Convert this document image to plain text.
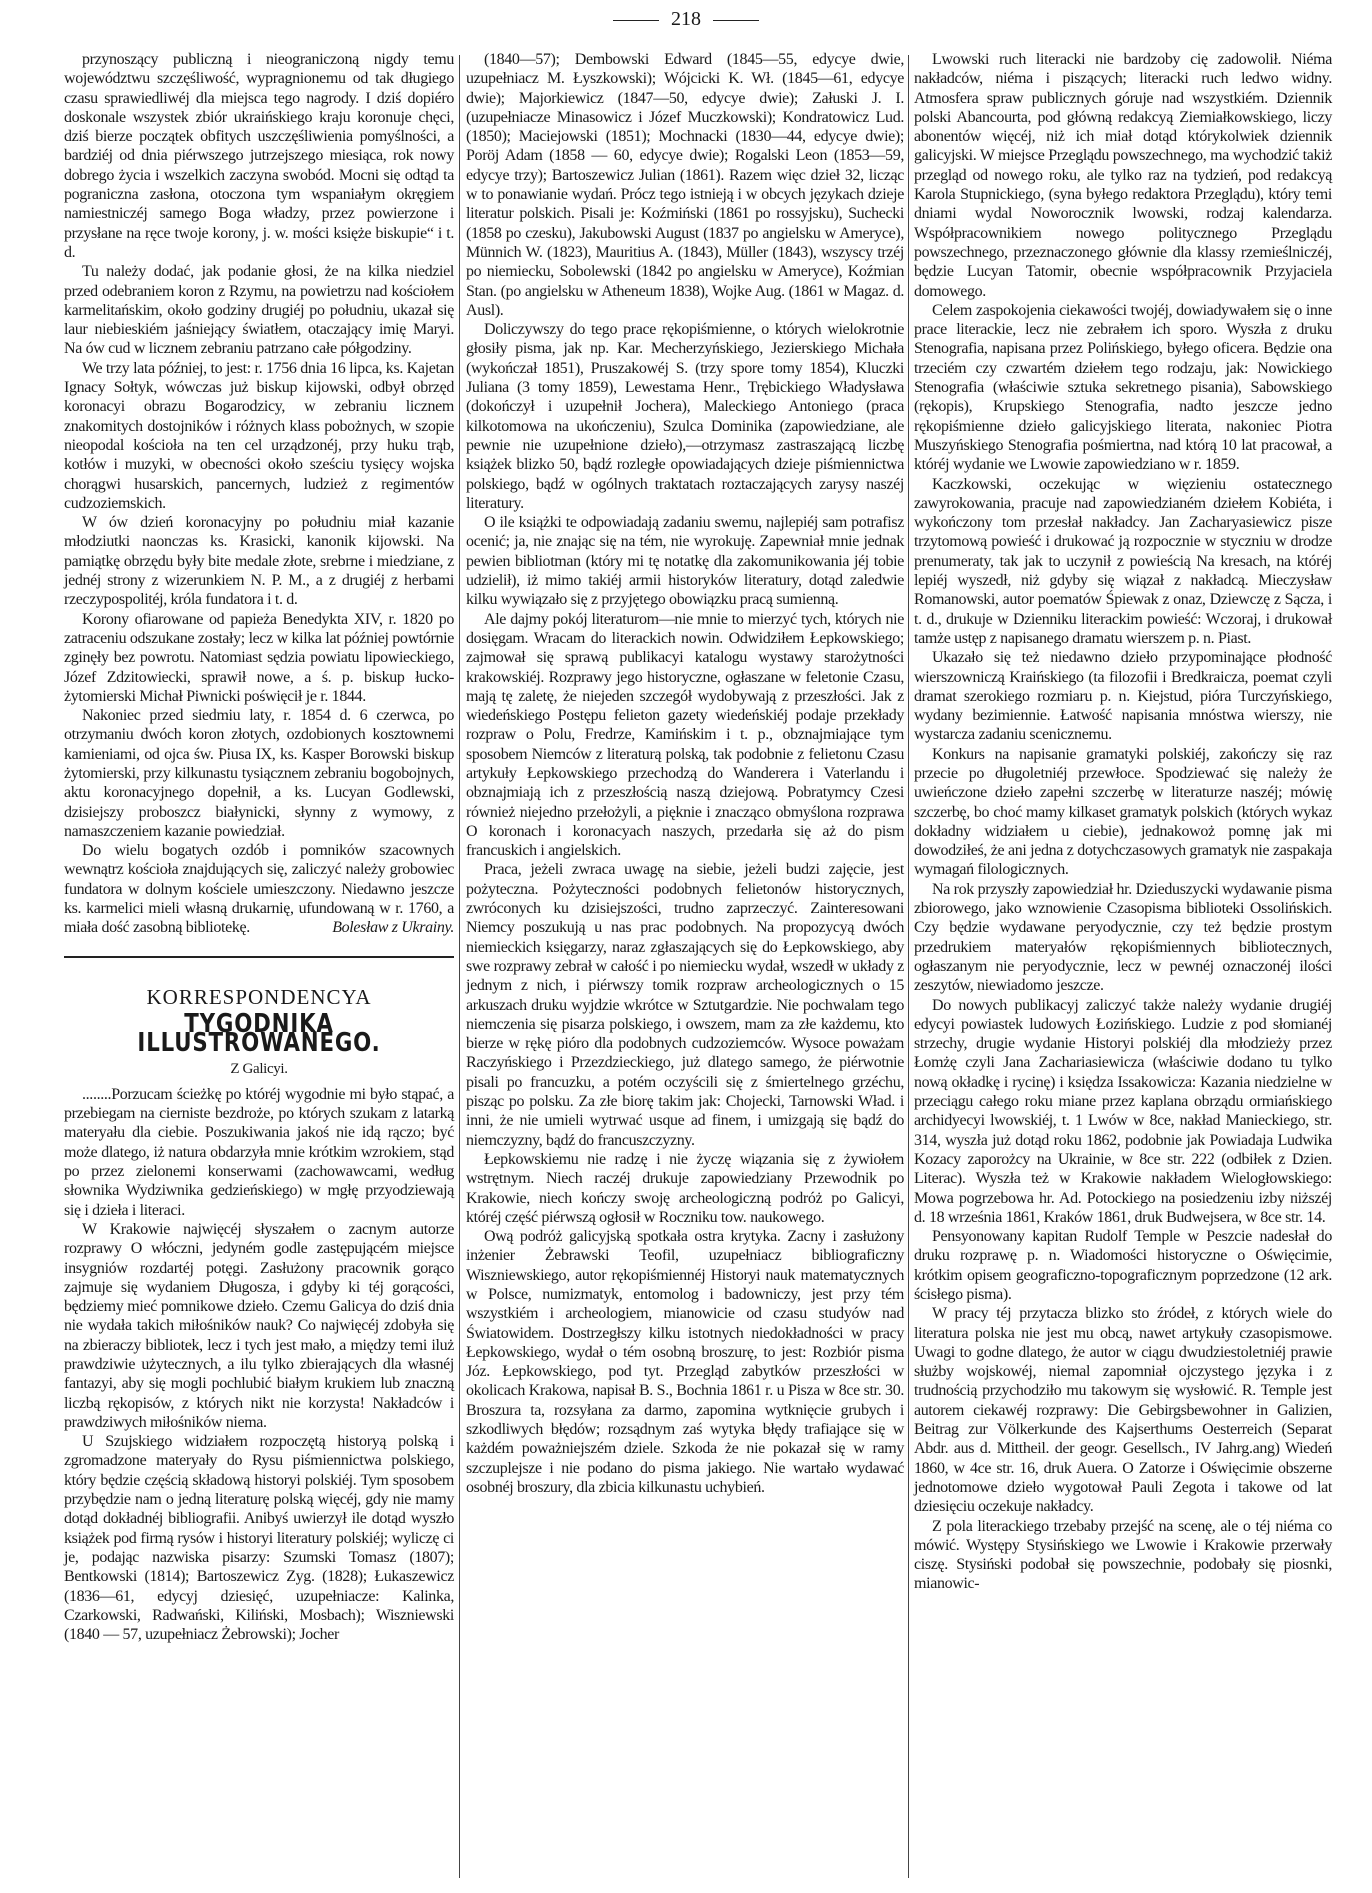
218

przynoszący publiczną i nieograniczoną nigdy temu województwu szczęśliwość, wypragnionemu od tak długiego czasu sprawiedliwéj dla miejsca tego nagrody. I dziś dopiéro doskonale wszystek zbiór ukraińskiego kraju koronuje chęci, dziś bierze początek obfitych uszczęśliwienia pomyślności, a bardziéj od dnia piérwszego jutrzejszego miesiąca, rok nowy dobrego życia i wszelkich zaczyna swobód. Mocni się odtąd ta pograniczna zasłona, otoczona tym wspaniałym okręgiem namiestniczéj samego Boga władzy, przez powierzone i przysłane na ręce twoje korony, j. w. mości księże biskupie“ i t. d.

Tu należy dodać, jak podanie głosi, że na kilka niedziel przed odebraniem koron z Rzymu, na powietrzu nad kościołem karmelitańskim, około godziny drugiéj po południu, ukazał się laur niebieskiém jaśniejący światłem, otaczający imię Maryi. Na ów cud w licznem zebraniu patrzano całe półgodziny.

We trzy lata później, to jest: r. 1756 dnia 16 lipca, ks. Kajetan Ignacy Sołtyk, wówczas już biskup kijowski, odbył obrzęd koronacyi obrazu Bogarodzicy, w zebraniu licznem znakomitych dostojników i różnych klass pobożnych, w szopie nieopodal kościoła na ten cel urządzonéj, przy huku trąb, kotłów i muzyki, w obecności około sześciu tysięcy wojska chorągwi husarskich, pancernych, ludzież z regimentów cudzoziemskich.

W ów dzień koronacyjny po południu miał kazanie młodziutki naonczas ks. Krasicki, kanonik kijowski. Na pamiątkę obrzędu były bite medale złote, srebrne i miedziane, z jednéj strony z wizerunkiem N. P. M., a z drugiéj z herbami rzeczypospolitéj, króla fundatora i t. d.

Korony ofiarowane od papieża Benedykta XIV, r. 1820 po zatraceniu odszukane zostały; lecz w kilka lat później powtórnie zginęły bez powrotu. Natomiast sędzia powiatu lipowieckiego, Józef Zdzitowiecki, sprawił nowe, a ś. p. biskup łucko-żytomierski Michał Piwnicki poświęcił je r. 1844.

Nakoniec przed siedmiu laty, r. 1854 d. 6 czerwca, po otrzymaniu dwóch koron złotych, ozdobionych kosztownemi kamieniami, od ojca św. Piusa IX, ks. Kasper Borowski biskup żytomierski, przy kilkunastu tysiącznem zebraniu bogobojnych, aktu koronacyjnego dopełnił, a ks. Lucyan Godlewski, dzisiejszy proboszcz białynicki, słynny z wymowy, z namaszczeniem kazanie powiedział.

Do wielu bogatych ozdób i pomników szacownych wewnątrz kościoła znajdujących się, zaliczyć należy grobowiec fundatora w dolnym kościele umieszczony. Niedawno jeszcze ks. karmelici mieli własną drukarnię, ufundowaną w r. 1760, a miała dość zasobną bibliotekę.	Bolesław z Ukrainy.
KORRESPONDENCYA
TYGODNIKA ILLUSTROWANEGO.
Z Galicyi.

........Porzucam ścieżkę po któréj wygodnie mi było stąpać, a przebiegam na ciernistе bezdroże, po których szukam z latarką materyału dla ciebie. Poszukiwania jakoś nie idą rączo; być może dlatego, iż natura obdarzyła mnie krótkim wzrokiem, stąd po przez zielonemi konserwami (zachowawcami, według słownika Wydziwnika gedzieńskiego) w mgłę przyodziewają się i dzieła i literaci.

W Krakowie najwięcéj słyszałem o zacnym autorze rozprawy O włóczni, jedyném godle zastępującém miejsce insygniów rozdartéj potęgi. Zasłużony pracownik gorąco zajmuje się wydaniem Długosza, i gdyby ki téj gorącości, będziemy mieć pomnikowe dzieło. Czemu Galicya do dziś dnia nie wydała takich miłośników nauk? Co najwięcéj zdobyła się na zbieraczy bibliotek, lecz i tych jest mało, a między temi iluż prawdziwie użytecznych, a ilu tylko zbierających dla własnéj fantazyi, aby się mogli pochlubić białym krukiem lub znaczną liczbą rękopisów, z których nikt nie korzysta! Nakładców i prawdziwych miłośników niema.

U Szujskiego widziałem rozpoczętą historyą polską i zgromadzone materyały do Rysu piśmiennictwa polskiego, który będzie częścią składową historyi polskiéj. Tym sposobem przybędzie nam o jedną literaturę polską więcéj, gdy nie mamy dotąd dokładnéj bibliografii. Anibyś uwierzył ile dotąd wyszło książek pod firmą rysów i historyi literatury polskiéj; wyliczę ci je, podając nazwiska pisarzy: Szumski Tomasz (1807); Bentkowski (1814); Bartoszewicz Zyg. (1828); Łukaszewicz (1836—61, edycyj dziesięć, uzupełniacze: Kalinka, Czarkowski, Radwański, Kiliński, Mosbach); Wiszniewski (1840 — 57, uzupełniacz Żebrowski); Jocher

(1840—57); Dembowski Edward (1845—55, edycye dwie, uzupełniacz M. Łyszkowski); Wójcicki K. Wł. (1845—61, edycye dwie); Majorkiewicz (1847—50, edycye dwie); Załuski J. I. (uzupełniacze Minasowicz i Józef Muczkowski); Kondratowicz Lud. (1850); Maciejowski (1851); Mochnacki (1830—44, edycye dwie); Poröj Adam (1858 — 60, edycye dwie); Rogalski Leon (1853—59, edycye trzy); Bartoszewicz Julian (1861). Razem więc dzieł 32, licząc w to ponawianie wydań. Prócz tego istnieją i w obcych językach dzieje literatur polskich. Pisali je: Koźmiński (1861 po rossyjsku), Suchecki (1858 po czesku), Jakubowski August (1837 po angielsku w Ameryce), Münnich W. (1823), Mauritius A. (1843), Müller (1843), wszyscy trzéj po niemiecku, Sobolewski (1842 po angielsku w Ameryce), Koźmian Stan. (po angielsku w Atheneum 1838), Wojke Aug. (1861 w Magaz. d. Ausl).

Doliczywszy do tego prace rękopiśmienne, o których wielokrotnie głosiły pisma, jak np. Kar. Mecherzyńskiego, Jezierskiego Michała (wykończał 1851), Pruszakowéj S. (trzy spore tomy 1854), Kluczki Juliana (3 tomy 1859), Lewestama Henr., Trębickiego Władysława (dokończył i uzupełnił Jochera), Maleckiego Antoniego (praca kilkotomowa na ukończeniu), Szulca Dominika (zapowiedziane, ale pewnie nie uzupełnione dzieło),—otrzymasz zastraszającą liczbę książek blizko 50, bądź rozległe opowiadających dzieje piśmiennictwa polskiego, bądź w ogólnych traktatach roztaczających zarysy naszéj literatury.

O ile książki te odpowiadają zadaniu swemu, najlepiéj sam potrafisz ocenić; ja, nie znając się na tém, nie wyrokuję. Zapewniał mnie jednak pewien bibliotman (który mi tę notatkę dla zakomunikowania jéj tobie udzielił), iż mimo takiéj armii historyków literatury, dotąd zaledwie kilku wywiązało się z przyjętego obowiązku pracą sumienną.

Ale dajmy pokój literaturom—nie mnie to mierzyć tych, których nie dosięgam. Wracam do literackich nowin. Odwidziłem Łepkowskiego; zajmował się sprawą publikacyi katalogu wystawy starożytności krakowskiéj. Rozprawy jego historyczne, ogłaszane w feletonie Czasu, mają tę zaletę, że niejeden szczegół wydobywają z przeszłości. Jak z wiedeńskiego Postępu felieton gazety wiedeńskiéj podaje przekłady rozpraw o Polu, Fredrze, Kamińskim i t. p., obznajmiające tym sposobem Niemców z literaturą polską, tak podobnie z felietonu Czasu artykuły Łepkowskiego przechodzą do Wanderera i Vaterlandu i obznajmiają ich z przeszłością naszą dziejową. Pobratymcy Czesi również niejedno przełożyli, a pięknie i znacząco obmyślona rozprawa O koronach i koronacyach naszych, przedarła się aż do pism francuskich i angielskich.

Praca, jeżeli zwraca uwagę na siebie, jeżeli budzi zajęcie, jest pożyteczna. Pożyteczności podobnych felietonów historycznych, zwróconych ku dzisiejszości, trudno zaprzeczyć. Zainteresowani Niemcy poszukują u nas prac podobnych. Na propozycyą dwóch niemieckich księgarzy, naraz zgłaszających się do Łepkowskiego, aby swe rozprawy zebrał w całość i po niemiecku wydał, wszedł w układy z jednym z nich, i piérwszy tomik rozpraw archeologicznych o 15 arkuszach druku wyjdzie wkrótce w Sztutgardzie. Nie pochwalam tego niemczenia się pisarza polskiego, i owszem, mam za złe każdemu, kto bierze w rękę pióro dla podobnych cudzoziemców. Wysoce poważam Raczyńskiego i Przezdzieckiego, już dlatego samego, że piérwotnie pisali po francuzku, a potém oczyścili się z śmiertelnego grzéchu, pisząc po polsku. Za złe biorę takim jak: Chojecki, Tarnowski Wład. i inni, że nie umieli wytrwać usque ad finem, i umizgają się bądź do niemczyzny, bądź do francuszczyzny.

Łepkowskiemu nie radzę i nie życzę wiązania się z żywiołem wstrętnym. Niech raczéj drukuje zapowiedziany Przewodnik po Krakowie, niech kończy swoję archeologiczną podróż po Galicyi, któréj część piérwszą ogłosił w Roczniku tow. naukowego.

Ową podróż galicyjską spotkała ostra krytyka. Zacny i zasłużony inżenier Żebrawski Teofil, uzupełniacz bibliograficzny Wiszniewskiego, autor rękopiśmiennéj Historyi nauk matematycznych w Polsce, numizmatyk, entomolog i badowniczy, jest przy tém wszystkiém i archeologiem, mianowicie od czasu studyów nad Światowidem. Dostrzegłszy kilku istotnych niedokładności w pracy Łepkowskiego, wydał o tém osobną broszurę, to jest: Rozbiór pisma Józ. Łepkowskiego, pod tyt. Przegląd zabytków przeszłości w okolicach Krakowa, napisał B. S., Bochnia 1861 r. u Pisza w 8ce str. 30. Broszura ta, rozsyłana za darmo, zapomina wytknięcie grubych i szkodliwych błędów; rozsądnym zaś wytyka błędy trafiające się w każdém poważniejszém dziele. Szkoda że nie pokazał się w ramy szczuplejsze i nie podano do pisma jakiego. Nie wartało wydawać osobnéj broszury, dla zbicia kilkunastu uchybień.

Lwowski ruch literacki nie bardzoby cię zadowolił. Niéma nakładców, niéma i piszących; literacki ruch ledwo widny. Atmosfera spraw publicznych góruje nad wszystkiém. Dziennik polski Abancourta, pod główną redakcyą Ziemiałkowskiego, liczy abonentów więcéj, niż ich miał dotąd którykolwiek dziennik galicyjski. W miejsce Przeglądu powszechnego, ma wychodzić takiż przegląd od nowego roku, ale tylko raz na tydzień, pod redakcyą Karola Stupnickiego, (syna byłego redaktora Przeglądu), który temi dniami wydal Noworocznik lwowski, rodzaj kalendarza. Współpracownikiem nowego politycznego Przeglądu powszechnego, przeznaczonego głównie dla klassy rzemieślniczéj, będzie Lucyan Tatomir, obecnie współpracownik Przyjaciela domowego.

Celem zaspokojenia ciekawości twojéj, dowiadywałem się o inne prace literackie, lecz nie zebrałem ich sporo. Wyszła z druku Stenografia, napisana przez Polińskiego, byłego oficera. Będzie ona trzeciém czy czwartém dziełem tego rodzaju, jak: Nowickiego Stenografia (właściwie sztuka sekretnego pisania), Sabowskiego (rękopis), Krupskiego Stenografia, nadto jeszcze jedno rękopiśmienne dzieło galicyjskiego literata, nakoniec Piotra Muszyńskiego Stenografia pośmiertna, nad którą 10 lat pracował, a któréj wydanie we Lwowie zapowiedziano w r. 1859.

Kaczkowski, oczekując w więzieniu ostatecznego zawyrokowania, pracuje nad zapowiedzianém dziełem Kobiéta, i wykończony tom przesłał nakładcy. Jan Zacharyasiewicz pisze trzytomową powieść i drukować ją rozpocznie w styczniu w drodze prenumeraty, tak jak to uczynił z powieścią Na kresach, na któréj lepiéj wyszedł, niż gdyby się wiązał z nakładcą. Mieczysław Romanowski, autor poematów Śpiewak z onaz, Dziewczę z Sącza, i t. d., drukuje w Dzienniku literackim powieść: Wczoraj, i drukował tamże ustęp z napisanego dramatu wierszem p. n. Piast.

Ukazało się też niedawno dzieło przypominające płodność wierszowniczą Kraińskiego (ta filozofii i Bredkraicza, poemat czyli dramat szerokiego rozmiaru p. n. Kiejstud, pióra Turczyńskiego, wydany bezimiennie. Łatwość napisania mnóstwa wierszy, nie wystarcza zadaniu scenicznemu.

Konkurs na napisanie gramatyki polskiéj, zakończy się raz przecie po długoletniéj przewłoce. Spodziewać się należy że uwieńczone dzieło zapełni szczerbę w literaturze naszéj; mówię szczerbę, bo choć mamy kilkaset gramatyk polskich (których wykaz dokładny widziałem u ciebie), jednakowoż pomnę jak mi dowodziłeś, że ani jedna z dotychczasowych gramatyk nie zaspakaja wymagań filologicznych.

Na rok przyszły zapowiedział hr. Dzieduszycki wydawanie pisma zbiorowego, jako wznowienie Czasopisma biblioteki Ossolińskich. Czy będzie wydawane peryodycznie, czy też będzie prostym przedrukiem materyałów rękopiśmiennych bibliotecznych, ogłaszanym nie peryodycznie, lecz w pewnéj oznaczonéj ilości zeszytów, niewiadomo jeszcze.

Do nowych publikacyj zaliczyć także należy wydanie drugiéj edycyi powiastek ludowych Łozińskiego. Ludzie z pod słomianéj strzechy, drugie wydanie Historyi polskiéj dla młodzieży przez Łomżę czyli Jana Zachariasiewicza (właściwie dodano tu tylko nową okładkę i rycinę) i księdza Issakowicza: Kazania niedzielne w przeciągu całego roku miane przez kaplana obrządu ormiańskiego archidyecyi lwowskiéj, t. 1 Lwów w 8ce, nakład Manieckiego, str. 314, wyszła już dotąd roku 1862, podobnie jak Powiadaja Ludwika Kozacy zaporożcy na Ukrainie, w 8ce str. 222 (odbiłek z Dzien. Literac). Wyszła też w Krakowie nakładem Wielogłowskiego: Mowa pogrzebowa hr. Ad. Potockiego na posiedzeniu izby niższéj d. 18 września 1861, Kraków 1861, druk Budwejsera, w 8ce str. 14.

Pensyonowany kapitan Rudolf Temple w Peszcie nadesłał do druku rozprawę p. n. Wiadomości historyczne o Oświęcimie, krótkim opisem geograficzno-topograficznym poprzedzone (12 ark. ścisłego pisma).

W pracy téj przytacza blizko sto źródeł, z których wiele do literatura polska nie jest mu obcą, nawet artykuły czasopismowe. Uwagi to godne dlatego, że autor w ciągu dwudziestoletniéj prawie służby wojskowéj, niemal zapomniał ojczystego języka i z trudnością przychodziło mu takowym się wysłowić. R. Temple jest autorem ciekawéj rozprawy: Die Gebirgsbewohner in Galizien, Beitrag zur Völkerkunde des Kajserthums Oesterreich (Separat Abdr. aus d. Mittheil. der geogr. Gesellsch., IV Jahrg.ang) Wiedeń 1860, w 4ce str. 16, druk Auera. O Zatorze i Oświęcimie obszerne jednotomowe dzieło wygotował Pauli Zegota i takowe od lat dziesięciu oczekuje nakładcy.

Z pola literackiego trzebaby przejść na scenę, ale o téj niéma co mówić. Występy Stysińskiego we Lwowie i Krakowie przerwały ciszę. Stysiński podobał się powszechnie, podobały się piosnki, mianowic-
